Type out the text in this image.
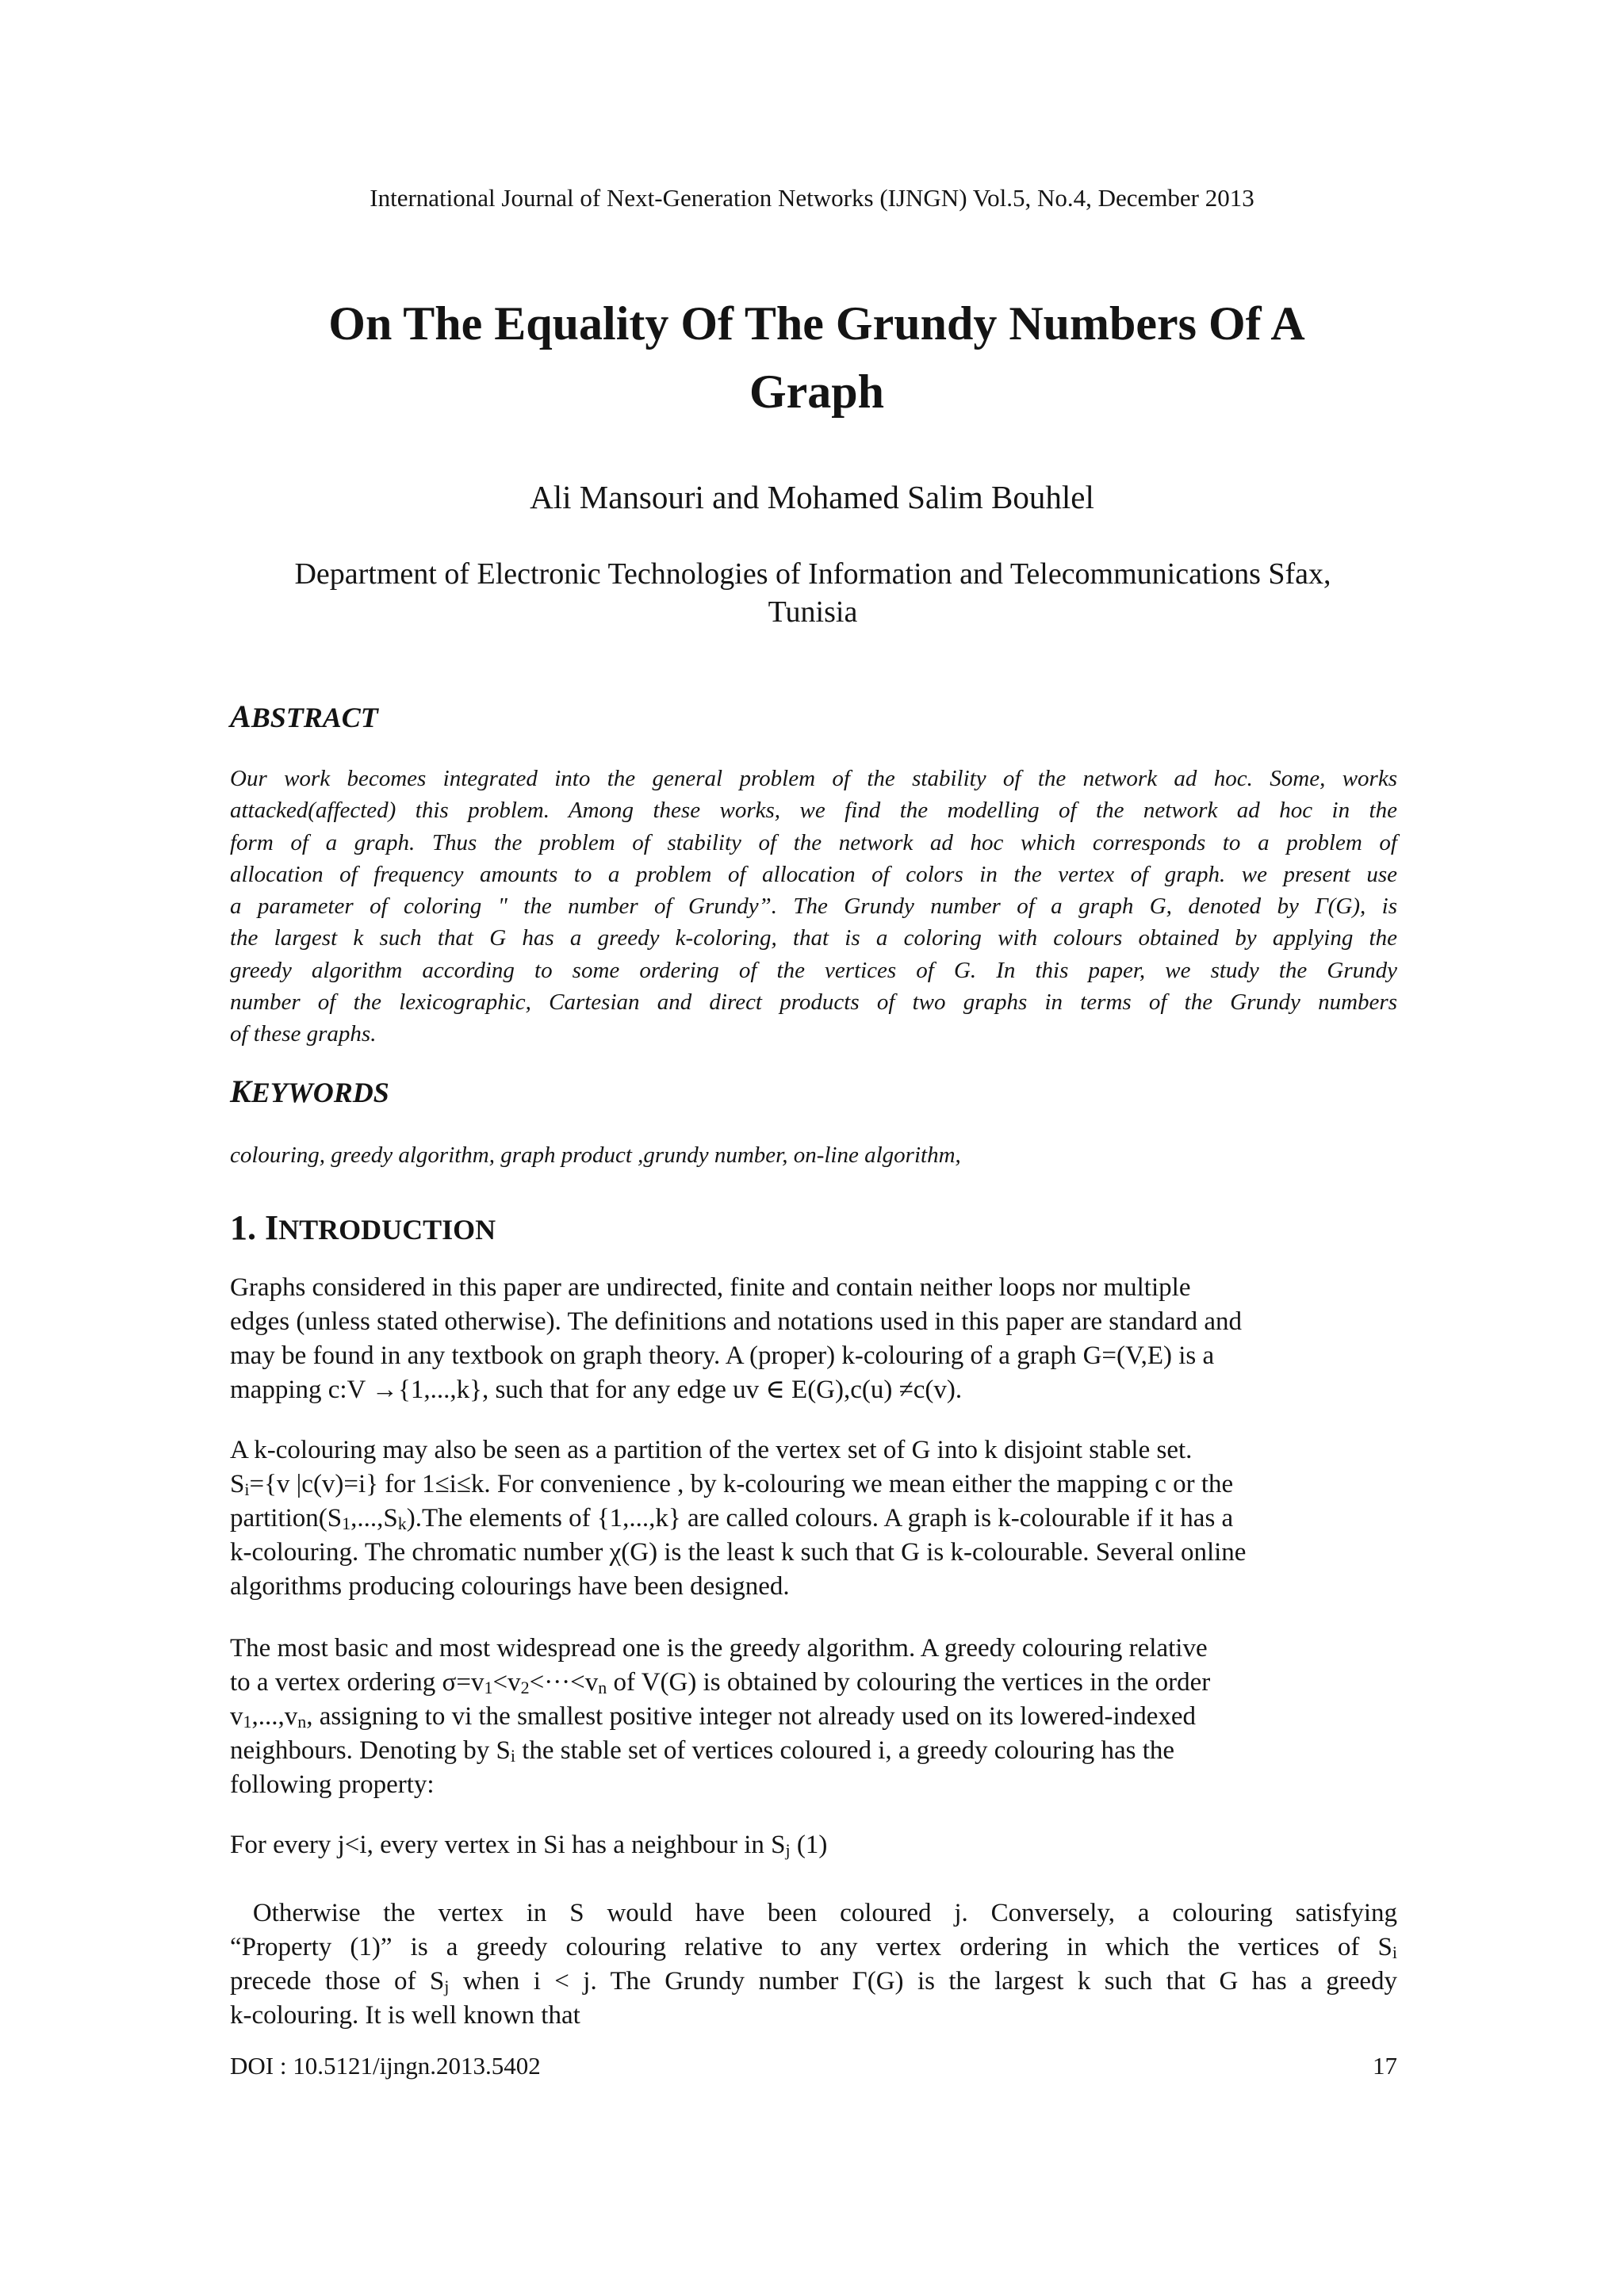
International Journal of Next-Generation Networks (IJNGN) Vol.5, No.4, December 2013
On The Equality Of The Grundy Numbers Of A
Graph
Ali Mansouri and Mohamed Salim Bouhlel
Department of Electronic Technologies of Information and Telecommunications Sfax,
Tunisia
ABSTRACT
Our work becomes integrated into the general problem of the stability of the network ad hoc. Some, works
attacked(affected) this problem. Among these works, we find the modelling of the network ad hoc in the
form of a graph. Thus the problem of stability of the network ad hoc which corresponds to a problem of
allocation of frequency amounts to a problem of allocation of colors in the vertex of graph. we present use
a parameter of coloring " the number of Grundy”. The Grundy number of a graph G, denoted by Γ(G), is
the largest k such that G has a greedy k-coloring, that is a coloring with colours obtained by applying the
greedy algorithm according to some ordering of the vertices of G. In this paper, we study the Grundy
number of the lexicographic, Cartesian and direct products of two graphs in terms of the Grundy numbers
of these graphs.
KEYWORDS
colouring, greedy algorithm, graph product ,grundy number, on-line algorithm,
1. INTRODUCTION
Graphs considered in this paper are undirected, finite and contain neither loops nor multiple
edges (unless stated otherwise). The definitions and notations used in this paper are standard and
may be found in any textbook on graph theory. A (proper) k-colouring of a graph G=(V,E) is a
mapping c:V →{1,...,k}, such that for any edge uv ∈ E(G),c(u) ≠c(v).
A k-colouring may also be seen as a partition of the vertex set of G into k disjoint stable set.
$S_i=\{v$ |c(v)=i} for 1≤i≤k. For convenience , by k-colouring we mean either the mapping c or the
$partition(S_1,...,S_k).The$ elements of {1,...,k} are called colours. A graph is k-colourable if it has a
k-colouring. The chromatic number χ(G) is the least k such that G is k-colourable. Several online
algorithms producing colourings have been designed.
The most basic and most widespread one is the greedy algorithm. A greedy colouring relative
to a vertex ordering $\sigma=v_1<v_2<\cdot\cdot\cdot<v_n$ of V(G) is obtained by colouring the vertices in the order
$v_1,...,v_n$, assigning to vi the smallest positive integer not already used on its lowered-indexed
neighbours. Denoting by $S_i$ the stable set of vertices coloured i, a greedy colouring has the
following property:
For every j<i, every vertex in Si has a neighbour in $S_j$ (1)
Otherwise the vertex in S would have been coloured j. Conversely, a colouring satisfying
“Property (1)” is a greedy colouring relative to any vertex ordering in which the vertices of $S_i$
precede those of $S_j$ when i < j. The Grundy number Γ(G) is the largest k such that G has a greedy
k-colouring. It is well known that
DOI : 10.5121/ijngn.2013.5402	17
